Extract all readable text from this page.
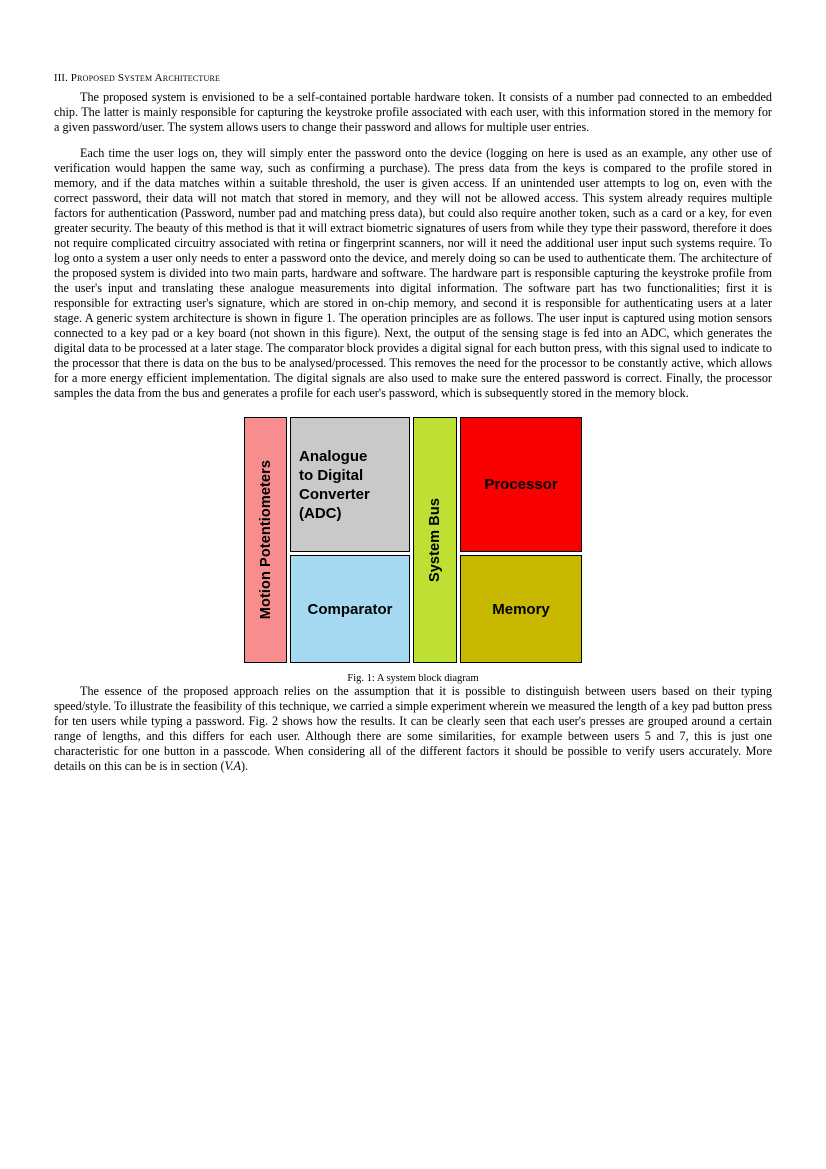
III. Proposed System Architecture

The proposed system is envisioned to be a self-contained portable hardware token. It consists of a number pad connected to an embedded chip. The latter is mainly responsible for capturing the keystroke profile associated with each user, with this information stored in the memory for a given password/user. The system allows users to change their password and allows for multiple user entries.

Each time the user logs on, they will simply enter the password onto the device (logging on here is used as an example, any other use of verification would happen the same way, such as confirming a purchase). The press data from the keys is compared to the profile stored in memory, and if the data matches within a suitable threshold, the user is given access. If an unintended user attempts to log on, even with the correct password, their data will not match that stored in memory, and they will not be allowed access. This system already requires multiple factors for authentication (Password, number pad and matching press data), but could also require another token, such as a card or a key, for even greater security. The beauty of this method is that it will extract biometric signatures of users from while they type their password, therefore it does not require complicated circuitry associated with retina or fingerprint scanners, nor will it need the additional user input such systems require. To log onto a system a user only needs to enter a password onto the device, and merely doing so can be used to authenticate them. The architecture of the proposed system is divided into two main parts, hardware and software. The hardware part is responsible capturing the keystroke profile from the user's input and translating these analogue measurements into digital information. The software part has two functionalities; first it is responsible for extracting user's signature, which are stored in on-chip memory, and second it is responsible for authenticating users at a later stage. A generic system architecture is shown in figure 1. The operation principles are as follows. The user input is captured using motion sensors connected to a key pad or a key board (not shown in this figure). Next, the output of the sensing stage is fed into an ADC, which generates the digital data to be processed at a later stage. The comparator block provides a digital signal for each button press, with this signal used to indicate to the processor that there is data on the bus to be analysed/processed. This removes the need for the processor to be constantly active, which allows for a more energy efficient implementation. The digital signals are also used to make sure the entered password is correct. Finally, the processor samples the data from the bus and generates a profile for each user's password, which is subsequently stored in the memory block.

Motion Potentiometers
Analogue
to Digital
Converter
(ADC)
Comparator
System Bus
Processor
Memory
Fig. 1: A system block diagram

The essence of the proposed approach relies on the assumption that it is possible to distinguish between users based on their typing speed/style. To illustrate the feasibility of this technique, we carried a simple experiment wherein we measured the length of a key pad button press for ten users while typing a password. Fig. 2 shows how the results. It can be clearly seen that each user's presses are grouped around a certain range of lengths, and this differs for each user. Although there are some similarities, for example between users 5 and 7, this is just one characteristic for one button in a passcode. When considering all of the different factors it should be possible to verify users accurately. More details on this can be is in section (V.A).
